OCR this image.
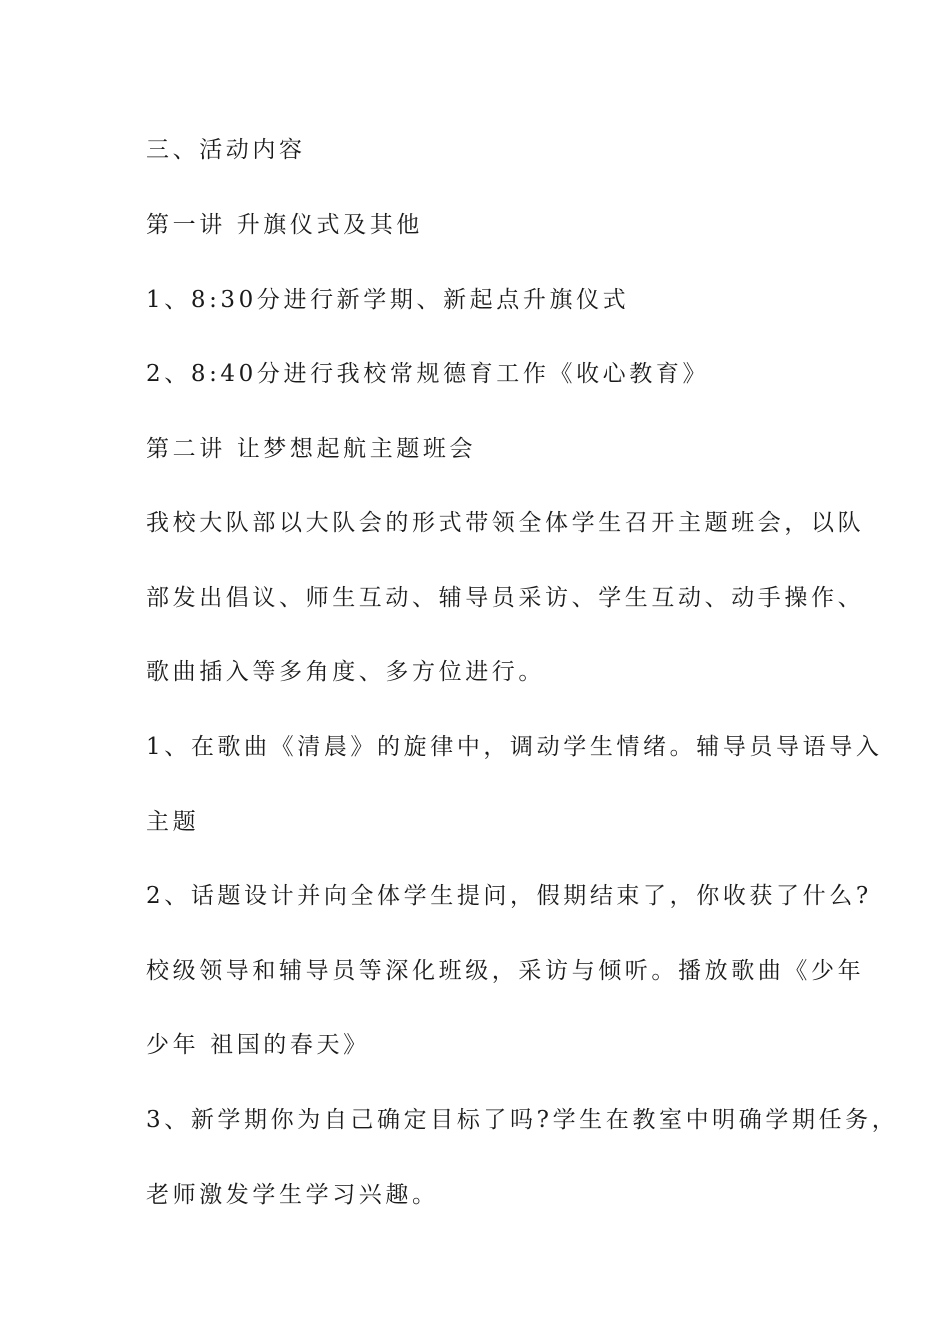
三、活动内容

第一讲 升旗仪式及其他

1、8:30分进行新学期、新起点升旗仪式

2、8:40分进行我校常规德育工作《收心教育》

第二讲 让梦想起航主题班会

我校大队部以大队会的形式带领全体学生召开主题班会，以队

部发出倡议、师生互动、辅导员采访、学生互动、动手操作、

歌曲插入等多角度、多方位进行。

1、在歌曲《清晨》的旋律中，调动学生情绪。辅导员导语导入

主题

2、话题设计并向全体学生提问，假期结束了，你收获了什么?

校级领导和辅导员等深化班级，采访与倾听。播放歌曲《少年

少年 祖国的春天》

3、新学期你为自己确定目标了吗?学生在教室中明确学期任务，

老师激发学生学习兴趣。
